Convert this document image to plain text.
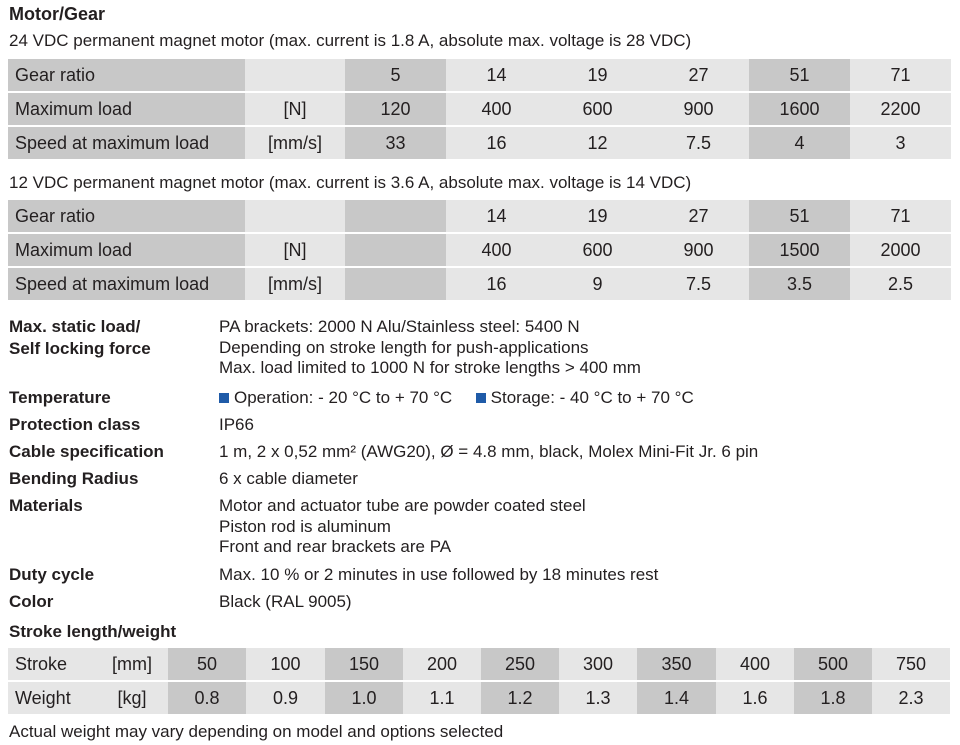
Motor/Gear
24 VDC permanent magnet motor (max. current is 1.8 A, absolute max. voltage is 28 VDC)
Gear ratio		5	14	19	27	51	71
Maximum load	[N]	120	400	600	900	1600	2200
Speed at maximum load	[mm/s]	33	16	12	7.5	4	3
12 VDC permanent magnet motor (max. current is 3.6 A, absolute max. voltage is 14 VDC)
Gear ratio			14	19	27	51	71
Maximum load	[N]		400	600	900	1500	2000
Speed at maximum load	[mm/s]		16	9	7.5	3.5	2.5
Max. static load/
Self locking force
PA brackets: 2000 N Alu/Stainless steel: 5400 N
Depending on stroke length for push-applications
Max. load limited to 1000 N for stroke lengths > 400 mm
Temperature	Operation: - 20 °C to + 70 °C Storage: - 40 °C to + 70 °C
Protection class	IP66
Cable specification	1 m, 2 x 0,52 mm² (AWG20), Ø = 4.8 mm, black, Molex Mini-Fit Jr. 6 pin
Bending Radius	6 x cable diameter
Materials	Motor and actuator tube are powder coated steel
Piston rod is aluminum
Front and rear brackets are PA
Duty cycle	Max. 10 % or 2 minutes in use followed by 18 minutes rest
Color	Black (RAL 9005)
Stroke length/weight
Stroke	[mm]	50	100	150	200	250	300	350	400	500	750
Weight	[kg]	0.8	0.9	1.0	1.1	1.2	1.3	1.4	1.6	1.8	2.3
Actual weight may vary depending on model and options selected
